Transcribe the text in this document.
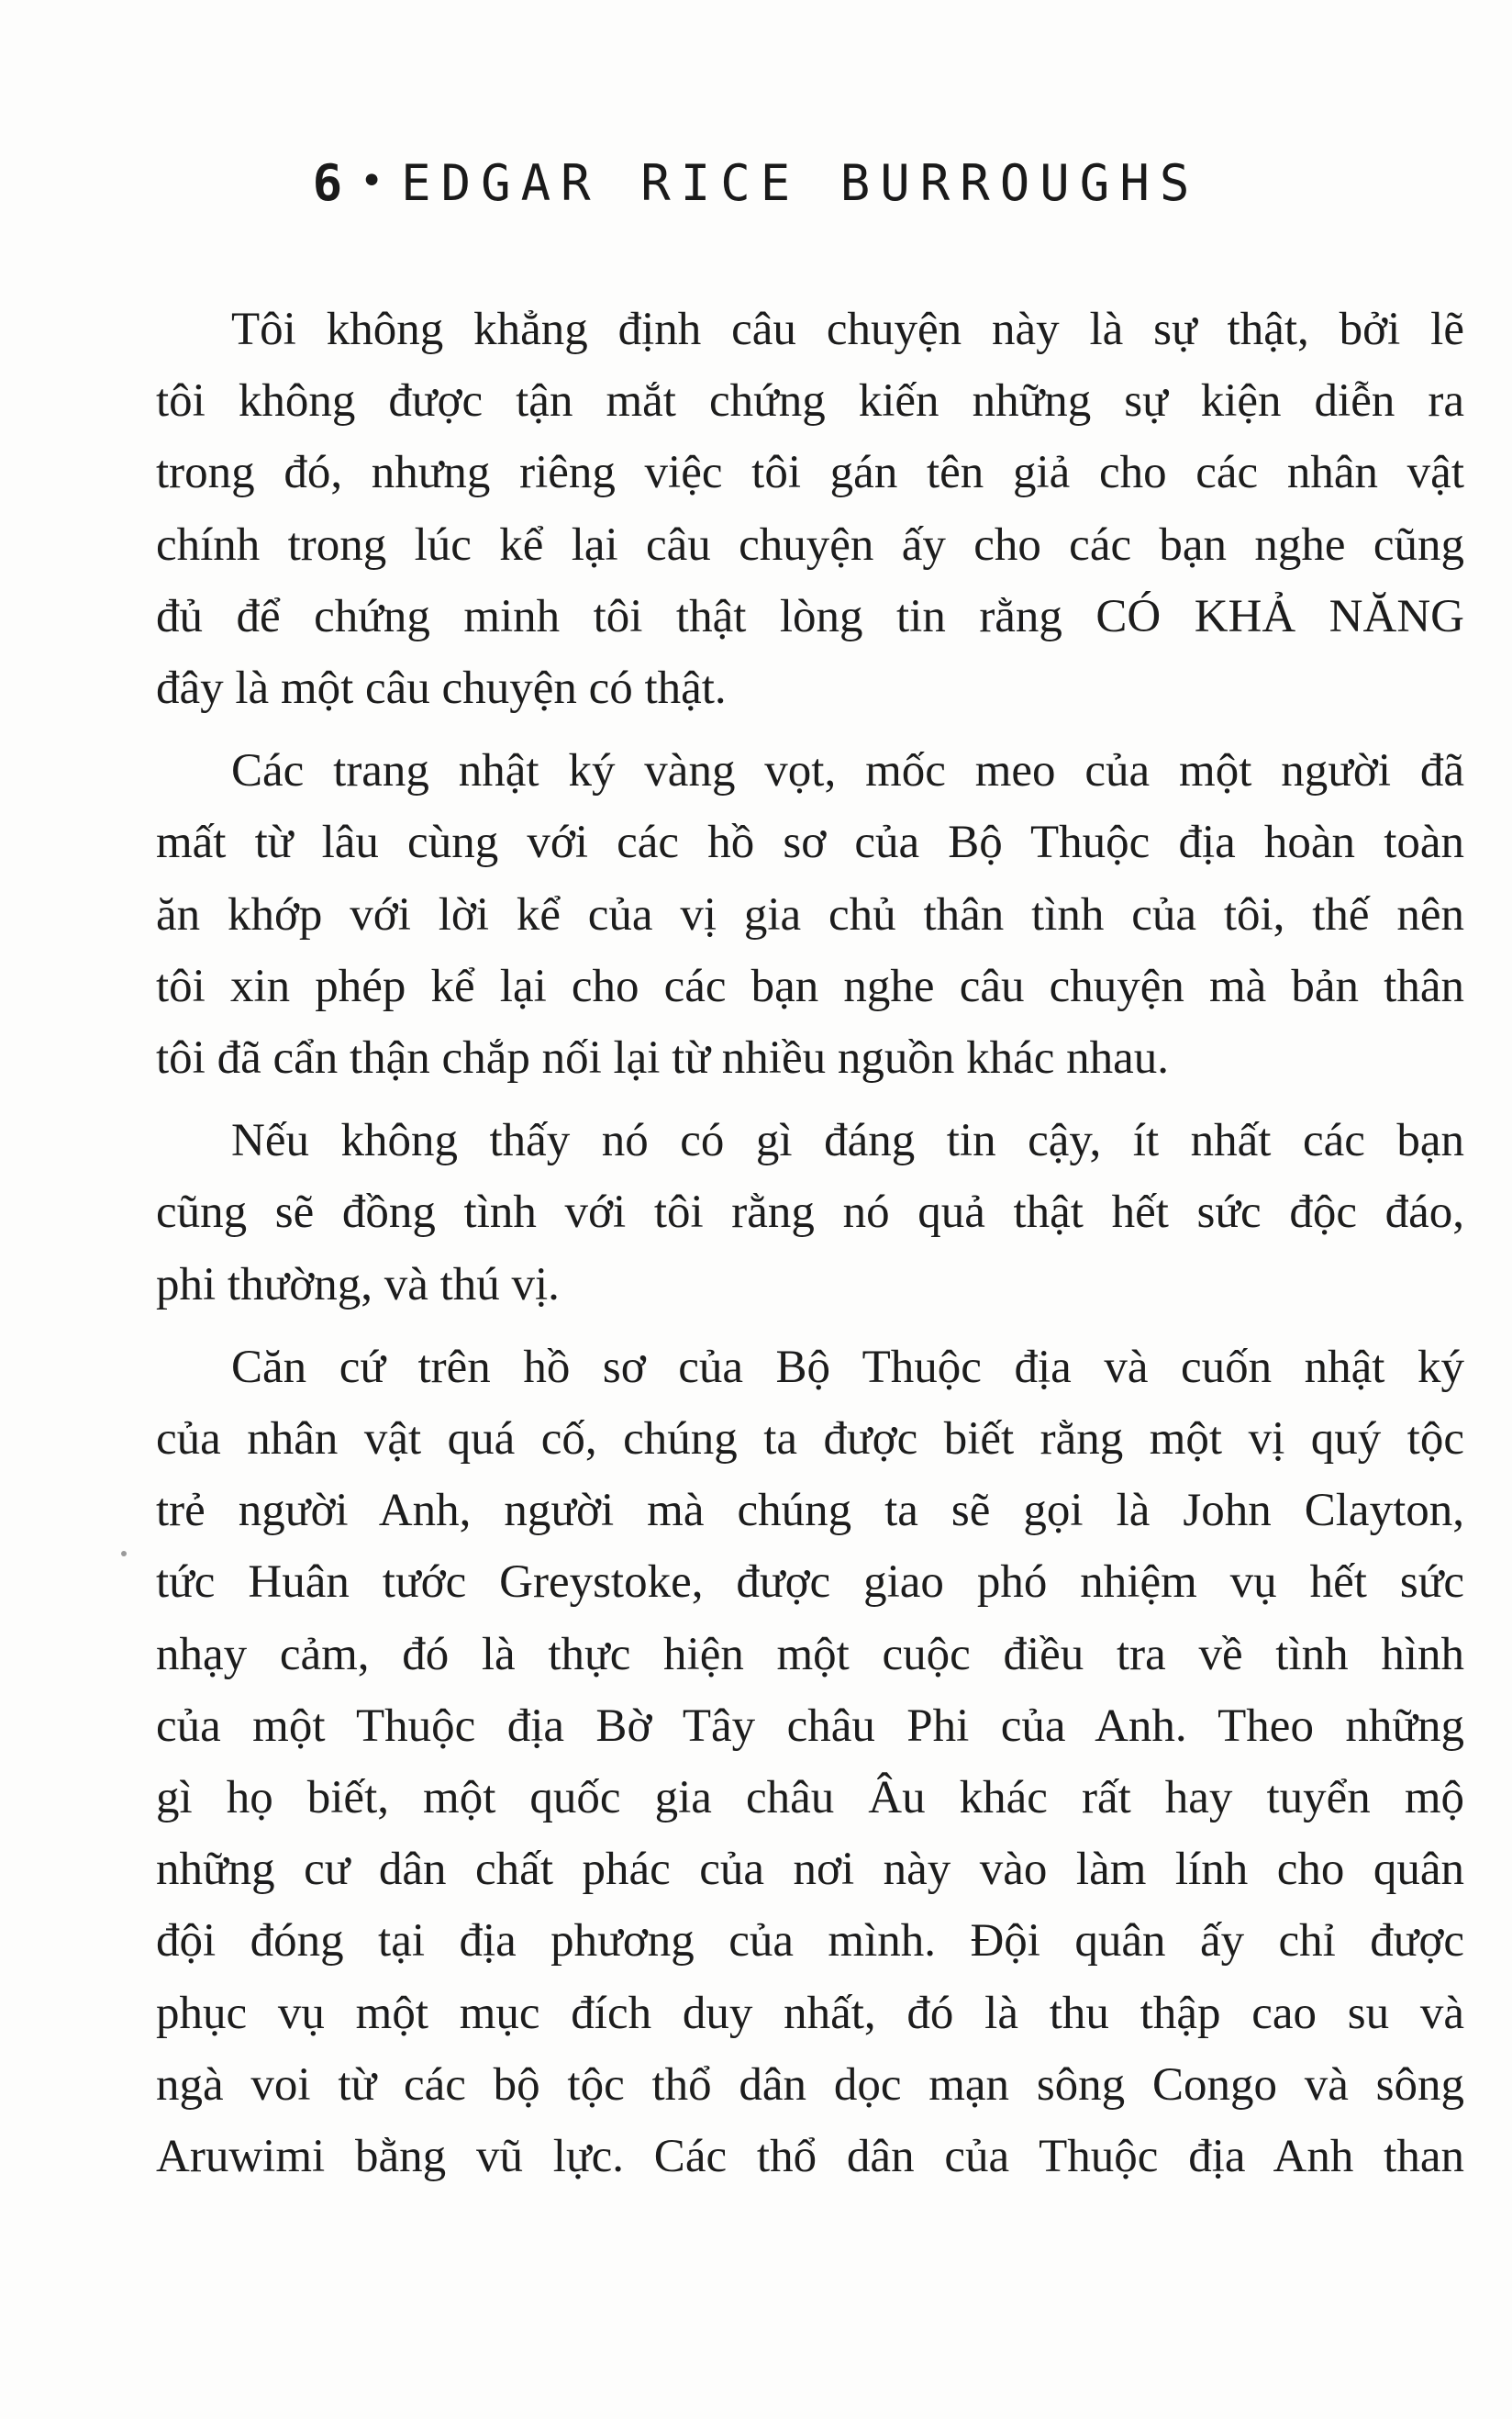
6 • EDGAR RICE BURROUGHS
Tôi không khẳng định câu chuyện này là sự thật, bởi lẽ
tôi không được tận mắt chứng kiến những sự kiện diễn ra
trong đó, nhưng riêng việc tôi gán tên giả cho các nhân vật
chính trong lúc kể lại câu chuyện ấy cho các bạn nghe cũng
đủ để chứng minh tôi thật lòng tin rằng CÓ KHẢ NĂNG
đây là một câu chuyện có thật.
Các trang nhật ký vàng vọt, mốc meo của một người đã
mất từ lâu cùng với các hồ sơ của Bộ Thuộc địa hoàn toàn
ăn khớp với lời kể của vị gia chủ thân tình của tôi, thế nên
tôi xin phép kể lại cho các bạn nghe câu chuyện mà bản thân
tôi đã cẩn thận chắp nối lại từ nhiều nguồn khác nhau.
Nếu không thấy nó có gì đáng tin cậy, ít nhất các bạn
cũng sẽ đồng tình với tôi rằng nó quả thật hết sức độc đáo,
phi thường, và thú vị.
Căn cứ trên hồ sơ của Bộ Thuộc địa và cuốn nhật ký
của nhân vật quá cố, chúng ta được biết rằng một vị quý tộc
trẻ người Anh, người mà chúng ta sẽ gọi là John Clayton,
tức Huân tước Greystoke, được giao phó nhiệm vụ hết sức
nhạy cảm, đó là thực hiện một cuộc điều tra về tình hình
của một Thuộc địa Bờ Tây châu Phi của Anh. Theo những
gì họ biết, một quốc gia châu Âu khác rất hay tuyển mộ
những cư dân chất phác của nơi này vào làm lính cho quân
đội đóng tại địa phương của mình. Đội quân ấy chỉ được
phục vụ một mục đích duy nhất, đó là thu thập cao su và
ngà voi từ các bộ tộc thổ dân dọc mạn sông Congo và sông
Aruwimi bằng vũ lực. Các thổ dân của Thuộc địa Anh than
